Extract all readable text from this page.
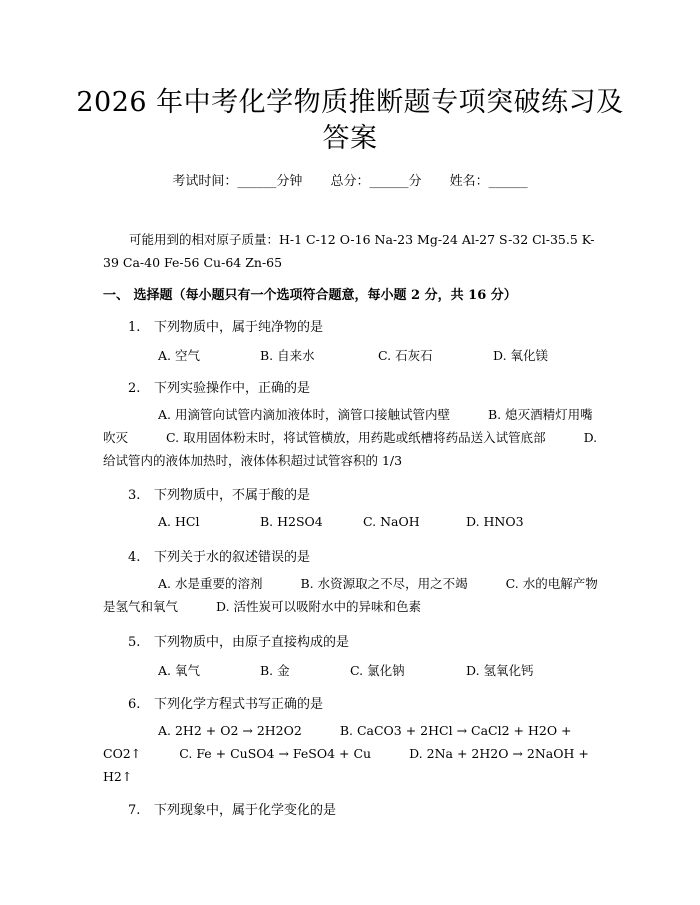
2026 年中考化学物质推断题专项突破练习及
答案
考试时间：______分钟 总分：______分 姓名：______
可能用到的相对原子质量：H-1 C-12 O-16 Na-23 Mg-24 Al-27 S-32 Cl-35.5 K-39 Ca-40 Fe-56 Cu-64 Zn-65
一、 选择题（每小题只有一个选项符合题意，每小题 2 分，共 16 分）
1. 下列物质中，属于纯净物的是
A. 空气	B. 自来水	C. 石灰石	D. 氧化镁
2. 下列实验操作中，正确的是
A. 用滴管向试管内滴加液体时，滴管口接触试管内壁	B. 熄灭酒精灯用嘴吹灭	C. 取用固体粉末时，将试管横放，用药匙或纸槽将药品送入试管底部	D. 给试管内的液体加热时，液体体积超过试管容积的 1/3
3. 下列物质中，不属于酸的是
A. HCl	B. H2SO4	C. NaOH	D. HNO3
4. 下列关于水的叙述错误的是
A. 水是重要的溶剂	B. 水资源取之不尽，用之不竭	C. 水的电解产物是氢气和氧气	D. 活性炭可以吸附水中的异味和色素
5. 下列物质中，由原子直接构成的是
A. 氧气	B. 金	C. 氯化钠	D. 氢氧化钙
6. 下列化学方程式书写正确的是
A. 2H2 + O2 → 2H2O2	B. CaCO3 + 2HCl → CaCl2 + H2O + CO2↑	C. Fe + CuSO4 → FeSO4 + Cu	D. 2Na + 2H2O → 2NaOH + H2↑
7. 下列现象中，属于化学变化的是
